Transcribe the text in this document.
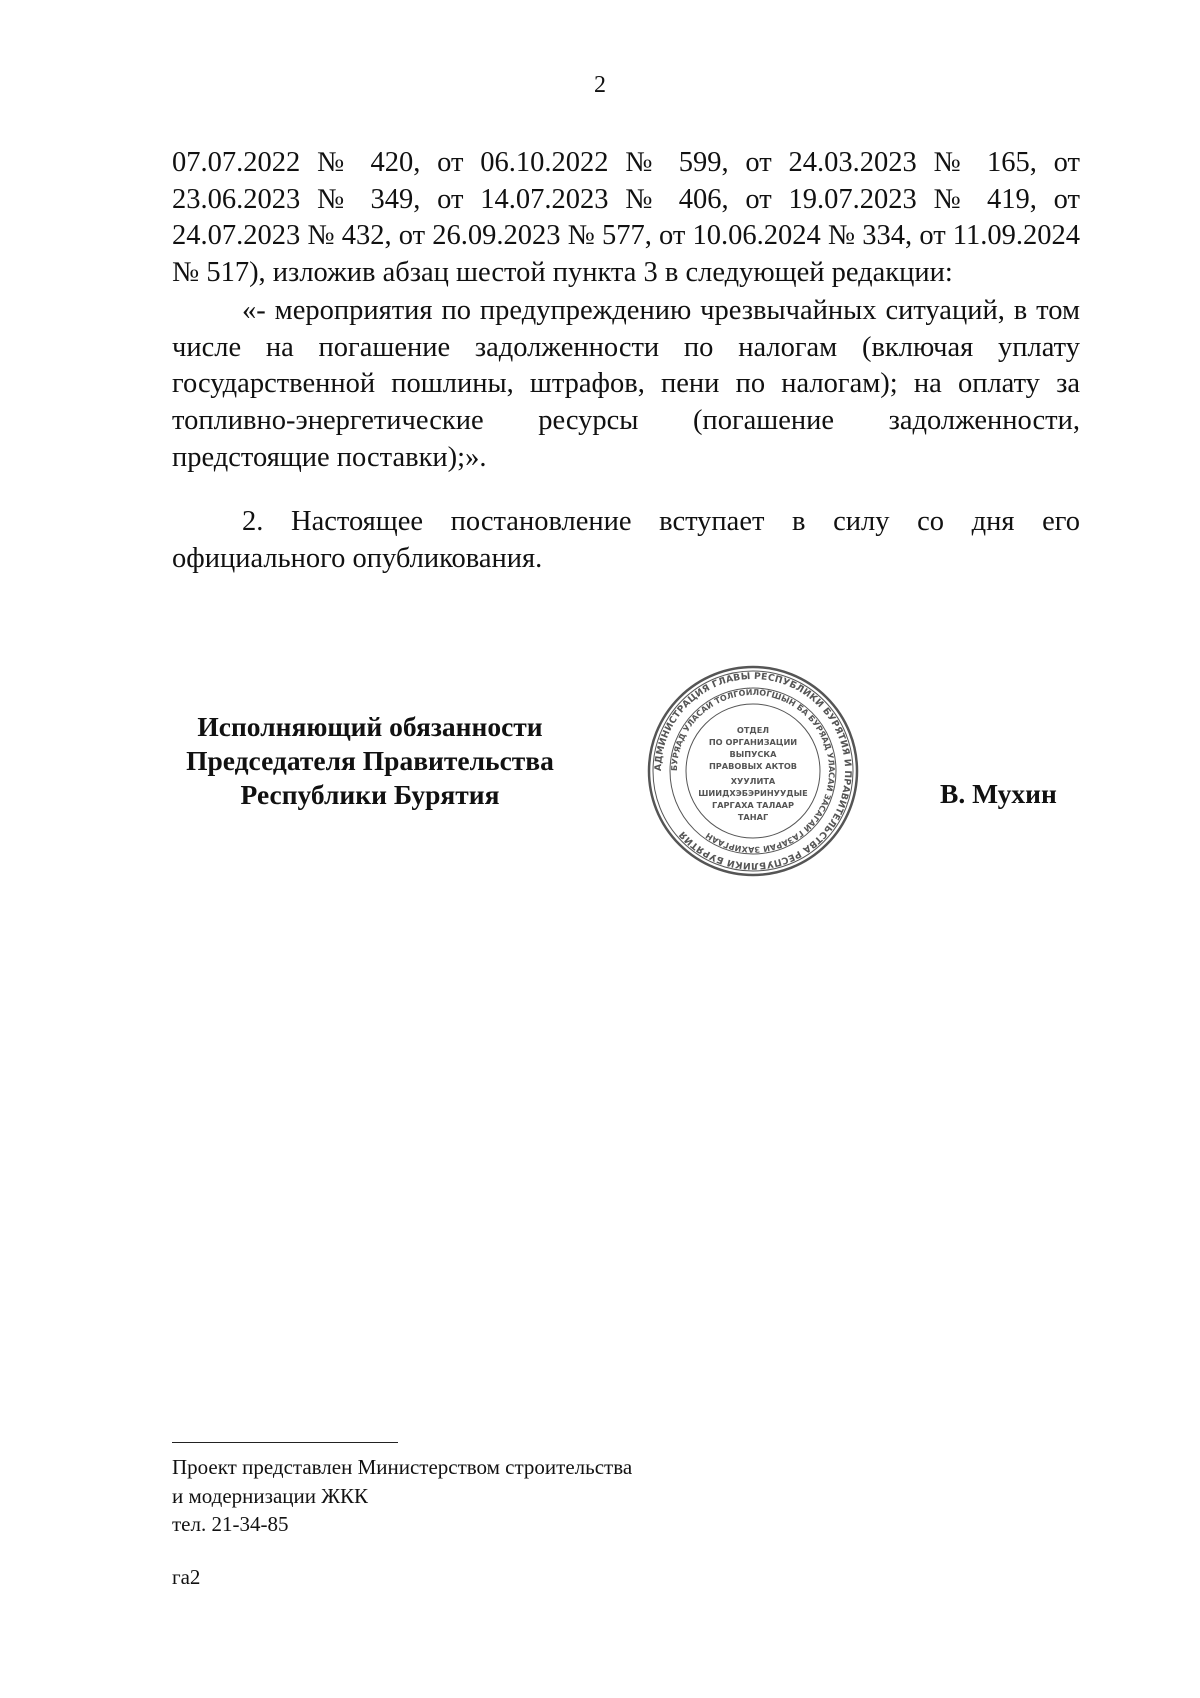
2

07.07.2022 № 420, от 06.10.2022 № 599, от 24.03.2023 № 165, от 23.06.2023 № 349, от 14.07.2023 № 406, от 19.07.2023 № 419, от 24.07.2023 № 432, от 26.09.2023 № 577, от 10.06.2024 № 334, от 11.09.2024 № 517), изложив абзац шестой пункта 3 в следующей редакции:

«- мероприятия по предупреждению чрезвычайных ситуаций, в том числе на погашение задолженности по налогам (включая уплату государственной пошлины, штрафов, пени по налогам); на оплату за топливно-энергетические ресурсы (погашение задолженности, предстоящие поставки);».

2. Настоящее постановление вступает в силу со дня его официального опубликования.

Исполняющий обязанности
Председателя Правительства
Республики Бурятия	В. Мухин
АДМИНИСТРАЦИЯ ГЛАВЫ РЕСПУБЛИКИ БУРЯТИЯ И ПРАВИТЕЛЬСТВА РЕСПУБЛИКИ БУРЯТИЯ
БУРЯАД УЛАСАЙ ТОЛГОЙЛОГШЫН БА БУРЯАД УЛАСАЙ ЗАСАГАЙ ГАЗАРАЙ ЗАХИРГААН
ОТДЕЛ
ПО ОРГАНИЗАЦИИ
ВЫПУСКА
ПРАВОВЫХ АКТОВ
ХУУЛИТА
ШИИДХЭБЭРИНУУДЫЕ
ГАРГАХА ТАЛААР
ТАНАГ
Проект представлен Министерством строительства
и модернизации ЖКК
тел. 21-34-85
га2
